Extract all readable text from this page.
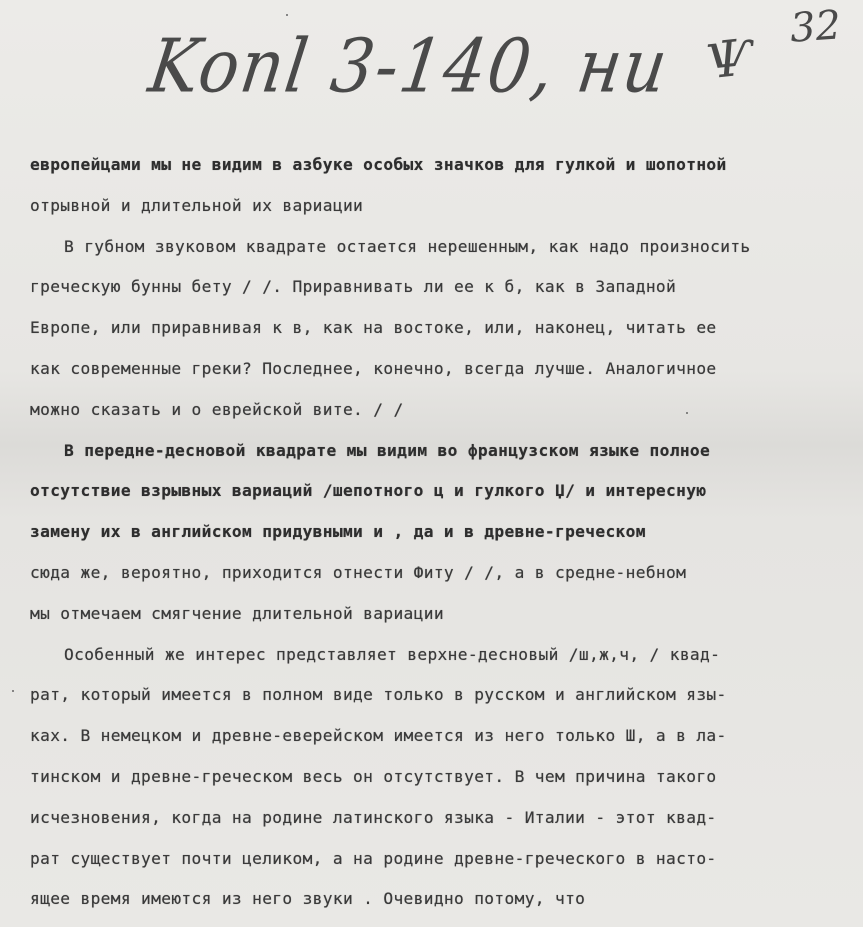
Konl 3-140, ни Ѱ
32
европейцами мы не видим в азбуке особых значков для гулкой и шопотной
отрывной и длительной их вариации
В губном звуковом квадрате остается нерешенным, как надо произносить
греческую бунны бету / /. Приравнивать ли ее к б, как в Западной
Европе, или приравнивая к в, как на востоке, или, наконец, читать ее
как современные греки? Последнее, конечно, всегда лучше. Аналогичное
можно сказать и о еврейской вите. / /
В передне-десновой квадрате мы видим во французском языке полное
отсутствие взрывных вариаций /шепотного ц и гулкого Џ/ и интересную
замену их в английском придувными и , да и в древне-греческом
сюда же, вероятно, приходится отнести Фиту / /, а в средне-небном
мы отмечаем смягчение длительной вариации
Особенный же интерес представляет верхне-десновый /ш,ж,ч, / квад-
рат, который имеется в полном виде только в русском и английском язы-
ках. В немецком и древне-еверейском имеется из него только Ш, а в ла-
тинском и древне-греческом весь он отсутствует. В чем причина такого
исчезновения, когда на родине латинского языка - Италии - этот квад-
рат существует почти целиком, а на родине древне-греческого в насто-
ящее время имеются из него звуки . Очевидно потому, что
